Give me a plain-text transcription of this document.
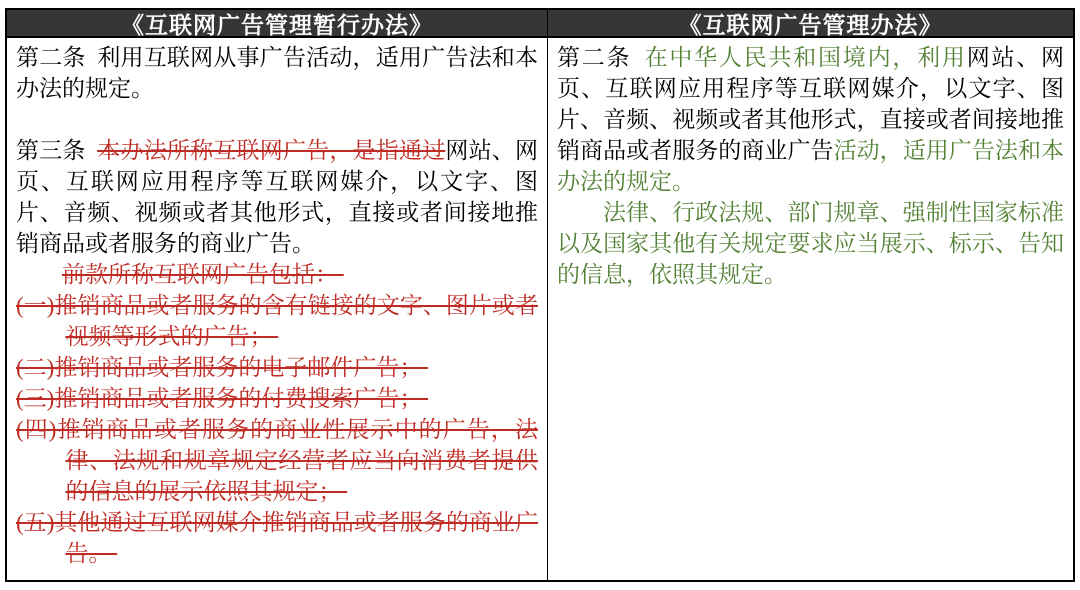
《互联网广告管理暂行办法》	《互联网广告管理办法》

第二条 利用互联网从事广告活动，适用广告法和本办法的规定。

第三条 本办法所称互联网广告，是指通过网站、网页、互联网应用程序等互联网媒介，以文字、图片、音频、视频或者其他形式，直接或者间接地推销商品或者服务的商业广告。

前款所称互联网广告包括：

(一)推销商品或者服务的含有链接的文字、图片或者视频等形式的广告；

(二)推销商品或者服务的电子邮件广告；

(三)推销商品或者服务的付费搜索广告；

(四)推销商品或者服务的商业性展示中的广告，法律、法规和规章规定经营者应当向消费者提供的信息的展示依照其规定；

(五)其他通过互联网媒介推销商品或者服务的商业广告。

第二条 在中华人民共和国境内，利用网站、网页、互联网应用程序等互联网媒介，以文字、图片、音频、视频或者其他形式，直接或者间接地推销商品或者服务的商业广告活动，适用广告法和本办法的规定。

法律、行政法规、部门规章、强制性国家标准以及国家其他有关规定要求应当展示、标示、告知的信息，依照其规定。
